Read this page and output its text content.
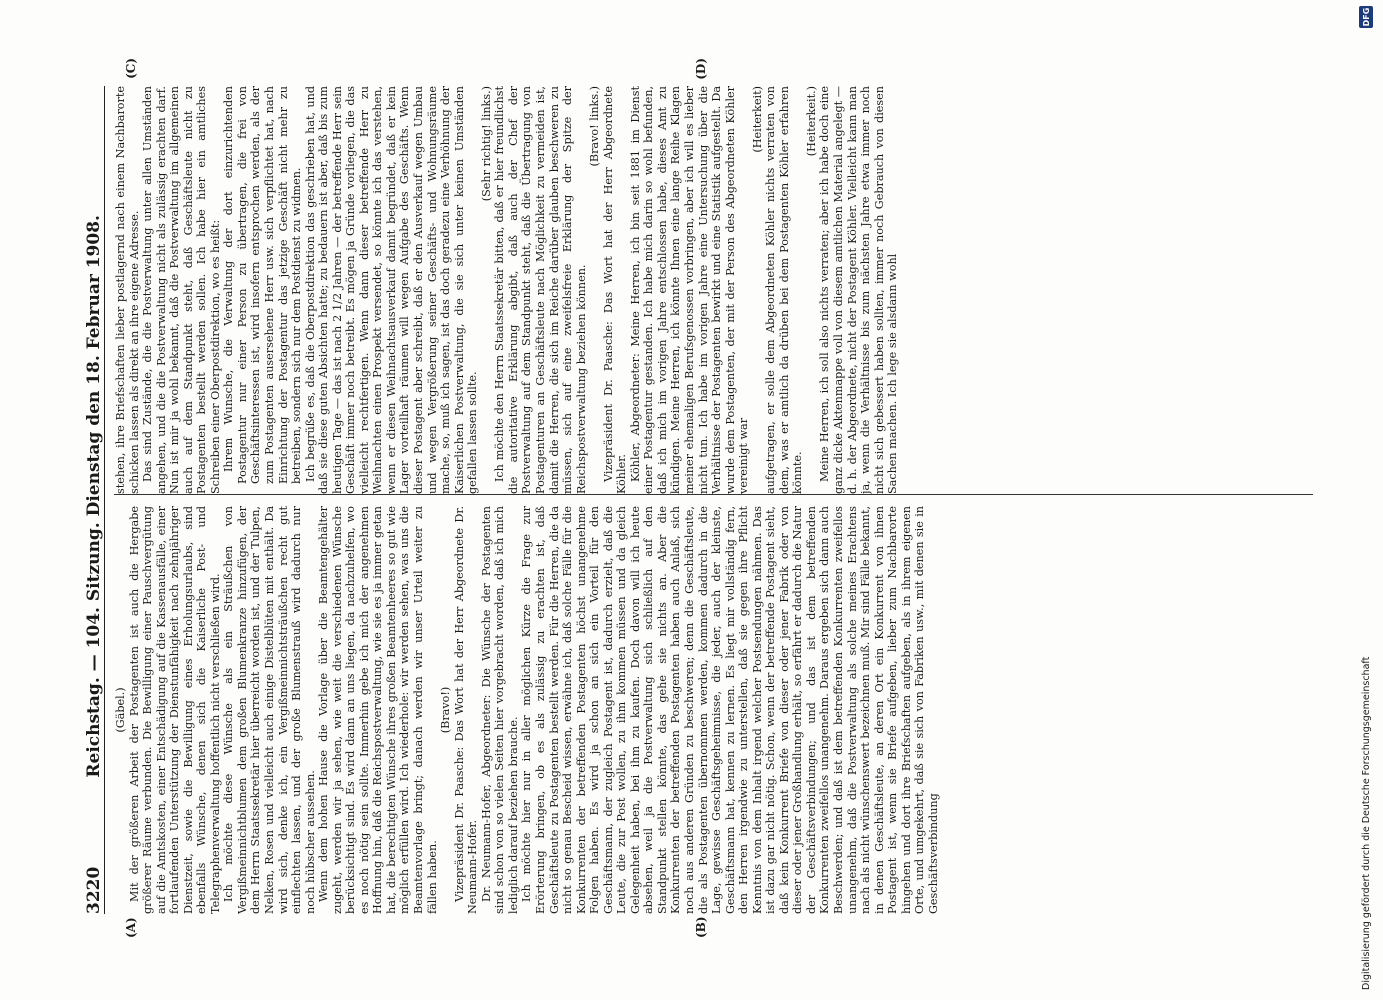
3220
Reichstag. — 104. Sitzung. Dienstag den 18. Februar 1908.
(A)	(B)
(C)	(D)

(Gäbel.) Mit der größeren Arbeit der Postagenten ist auch die Hergabe größerer Räume verbunden. Die Bewilligung einer Pauschvergütung auf die Amtskosten, einer Entschädigung auf die Kassenausfälle, einer fortlaufenden Unterstützung der Dienstunfähigkeit nach zehnjähriger Dienstzeit, sowie die Bewilligung eines Erholungsurlaubs, sind ebenfalls Wünsche, denen sich die Kaiserliche Post- und Telegraphenverwaltung hoffentlich nicht verschließen wird. Ich möchte diese Wünsche als ein Sträußchen von Vergißmeinnichtblumen dem großen Blumenkranze hinzufügen, der dem Herrn Staatssekretär hier überreicht worden ist, und der Tulpen, Nelken, Rosen und vielleicht auch einige Distelblüten mit enthält. Da wird sich, denke ich, ein Vergißmeinnichtsträußchen recht gut einflechten lassen, und der große Blumenstrauß wird dadurch nur noch hübscher aussehen. Wenn dem hohen Hause die Vorlage über die Beamtengehälter zugeht, werden wir ja sehen, wie weit die verschiedenen Wünsche berücksichtigt sind. Es wird dann an uns liegen, da nachzuhelfen, wo es noch nötig sein sollte. Immerhin gebe ich mich der angenehmen Hoffnung hin, daß die Reichspostverwaltung, wie sie es ja immer getan hat, die berechtigten Wünsche ihres großen Beamtenheeres so gut wie möglich erfüllen wird. Ich wiederhole: wir werden sehen, was uns die Beamtenvorlage bringt; danach werden wir unser Urteil weiter zu fällen haben.

(Bravo!) Vizepräsident Dr. Paasche: Das Wort hat der Herr Abgeordnete Dr. Neumann-Hofer. Dr. Neumann-Hofer, Abgeordneter: Die Wünsche der Postagenten sind schon von so vielen Seiten hier vorgebracht worden, daß ich mich lediglich darauf beziehen brauche. Ich möchte hier nur in aller möglichen Kürze die Frage zur Erörterung bringen, ob es als zulässig zu erachten ist, daß Geschäftsleute zu Postagenten bestellt werden. Für die Herren, die da nicht so genau Bescheid wissen, erwähne ich, daß solche Fälle für die Konkurrenten der betreffenden Postagenten höchst unangenehme Folgen haben. Es wird ja schon an sich ein Vorteil für den Geschäftsmann, der zugleich Postagent ist, dadurch erzielt, daß die Leute, die zur Post wollen, zu ihm kommen müssen und da gleich Gelegenheit haben, bei ihm zu kaufen. Doch davon will ich heute absehen, weil ja die Postverwaltung sich schließlich auf den Standpunkt stellen könnte, das gehe sie nichts an. Aber die Konkurrenten der betreffenden Postagenten haben auch Anlaß, sich noch aus anderen Gründen zu beschweren; denn die Geschäftsleute, die als Postagenten übernommen werden, kommen dadurch in die Lage, gewisse Geschäftsgeheimnisse, die jeder, auch der kleinste, Geschäftsmann hat, kennen zu lernen. Es liegt mir vollständig fern, den Herren irgendwie zu unterstellen, daß sie gegen ihre Pflicht Kenntnis von dem Inhalt irgend welcher Postsendungen nähmen. Das ist dazu gar nicht nötig. Schon, wenn der betreffende Postagent sieht, daß kein Konkurrent Briefe von dieser oder jener Fabrik oder von dieser oder jener Großhandlung erhält, so erfährt er dadurch die Natur der Geschäftsverbindungen; und das ist dem betreffenden Konkurrenten zweifellos unangenehm. Daraus ergeben sich dann auch Beschwerden; und daß ist dem betreffenden Konkurrenten zweifellos unangenehm, daß die Postverwaltung als solche meines Erachtens nach als nicht wünschenswert bezeichnen muß. Mir sind Fälle bekannt, in denen Geschäftsleute, an deren Ort ein Konkurrent von ihnen Postagent ist, wenn sie Briefe aufgeben, lieber zum Nachbarorte hingehen und dort ihre Briefschaften aufgeben, als in ihrem eigenen Orte, und umgekehrt, daß sie sich von Fabriken usw., mit denen sie in Geschäftsverbindung

stehen, ihre Briefschaften lieber postlagernd nach einem Nachbarorte schicken lassen als direkt an ihre eigene Adresse. Das sind Zustände, die die Postverwaltung unter allen Umständen angehen, und die die Postverwaltung nicht als zulässig erachten darf. Nun ist mir ja wohl bekannt, daß die Postverwaltung im allgemeinen auch auf dem Standpunkt steht, daß Geschäftsleute nicht zu Postagenten bestellt werden sollen. Ich habe hier ein amtliches Schreiben einer Oberpostdirektion, wo es heißt: Ihrem Wunsche, die Verwaltung der dort einzurichtenden Postagentur nur einer Person zu übertragen, die frei von Geschäftsinteressen ist, wird insofern entsprochen werden, als der zum Postagenten ausersehene Herr usw. sich verpflichtet hat, nach Einrichtung der Postagentur das jetzige Geschäft nicht mehr zu betreiben, sondern sich nur dem Postdienst zu widmen. Ich begrüße es, daß die Oberpostdirektion das geschrieben hat, und daß sie diese guten Absichten hatte; zu bedauern ist aber, daß bis zum heutigen Tage — das ist nach 2 1/2 Jahren — der betreffende Herr sein Geschäft immer noch betreibt. Es mögen ja Gründe vorliegen, die das vielleicht rechtfertigen. Wenn dann dieser betreffende Herr zu Weihnachten einen Prospekt versendet, so könnte ich das verstehen, wenn er diesen Weihnachtsausverkauf damit begründet, daß er kein Lager vorteilhaft räumen will wegen Aufgabe des Geschäfts. Wenn dieser Postagent aber schreibt, daß er den Ausverkauf wegen Umbau und wegen Vergrößerung seiner Geschäfts- und Wohnungsräume mache, so, muß ich sagen, ist das doch geradezu eine Verhöhnung der Kaiserlichen Postverwaltung, die sie sich unter keinen Umständen gefallen lassen sollte.

(Sehr richtig! links.) Ich möchte den Herrn Staatssekretär bitten, daß er hier freundlichst die autoritative Erklärung abgibt, daß auch der Chef der Postverwaltung auf dem Standpunkt steht, daß die Übertragung von Postagenturen an Geschäftsleute nach Möglichkeit zu vermeiden ist, damit die Herren, die sich im Reiche darüber glauben beschweren zu müssen, sich auf eine zweifelsfreie Erklärung der Spitze der Reichspostverwaltung beziehen können.

(Bravo! links.) Vizepräsident Dr. Paasche: Das Wort hat der Herr Abgeordnete Köhler. Köhler, Abgeordneter: Meine Herren, ich bin seit 1881 im Dienst einer Postagentur gestanden. Ich habe mich darin so wohl befunden, daß ich mich im vorigen Jahre entschlossen habe, dieses Amt zu kündigen. Meine Herren, ich könnte Ihnen eine lange Reihe Klagen meiner ehemaligen Berufsgenossen vorbringen, aber ich will es lieber nicht tun. Ich habe im vorigen Jahre eine Untersuchung über die Verhältnisse der Postagenten bewirkt und eine Statistik aufgestellt. Da wurde dem Postagenten, der mit der Person des Abgeordneten Köhler vereinigt war

(Heiterkeit) aufgetragen, er solle dem Abgeordneten Köhler nichts verraten von dem, was er amtlich da drüben bei dem Postagenten Köhler erfahren könnte.

(Heiterkeit.) Meine Herren, ich soll also nichts verraten; aber ich habe doch eine ganz dicke Aktenmappe voll von diesem amtlichen Material angelegt — d. h. der Abgeordnete, nicht der Postagent Köhler. Vielleicht kann man ja, wenn die Verhältnisse bis zum nächsten Jahre etwa immer noch nicht sich gebessert haben sollten, immer noch Gebrauch von diesen Sachen machen. Ich lege sie alsdann wohl

Digitalisierung gefördert durch die Deutsche Forschungsgemeinschaft
DFG
